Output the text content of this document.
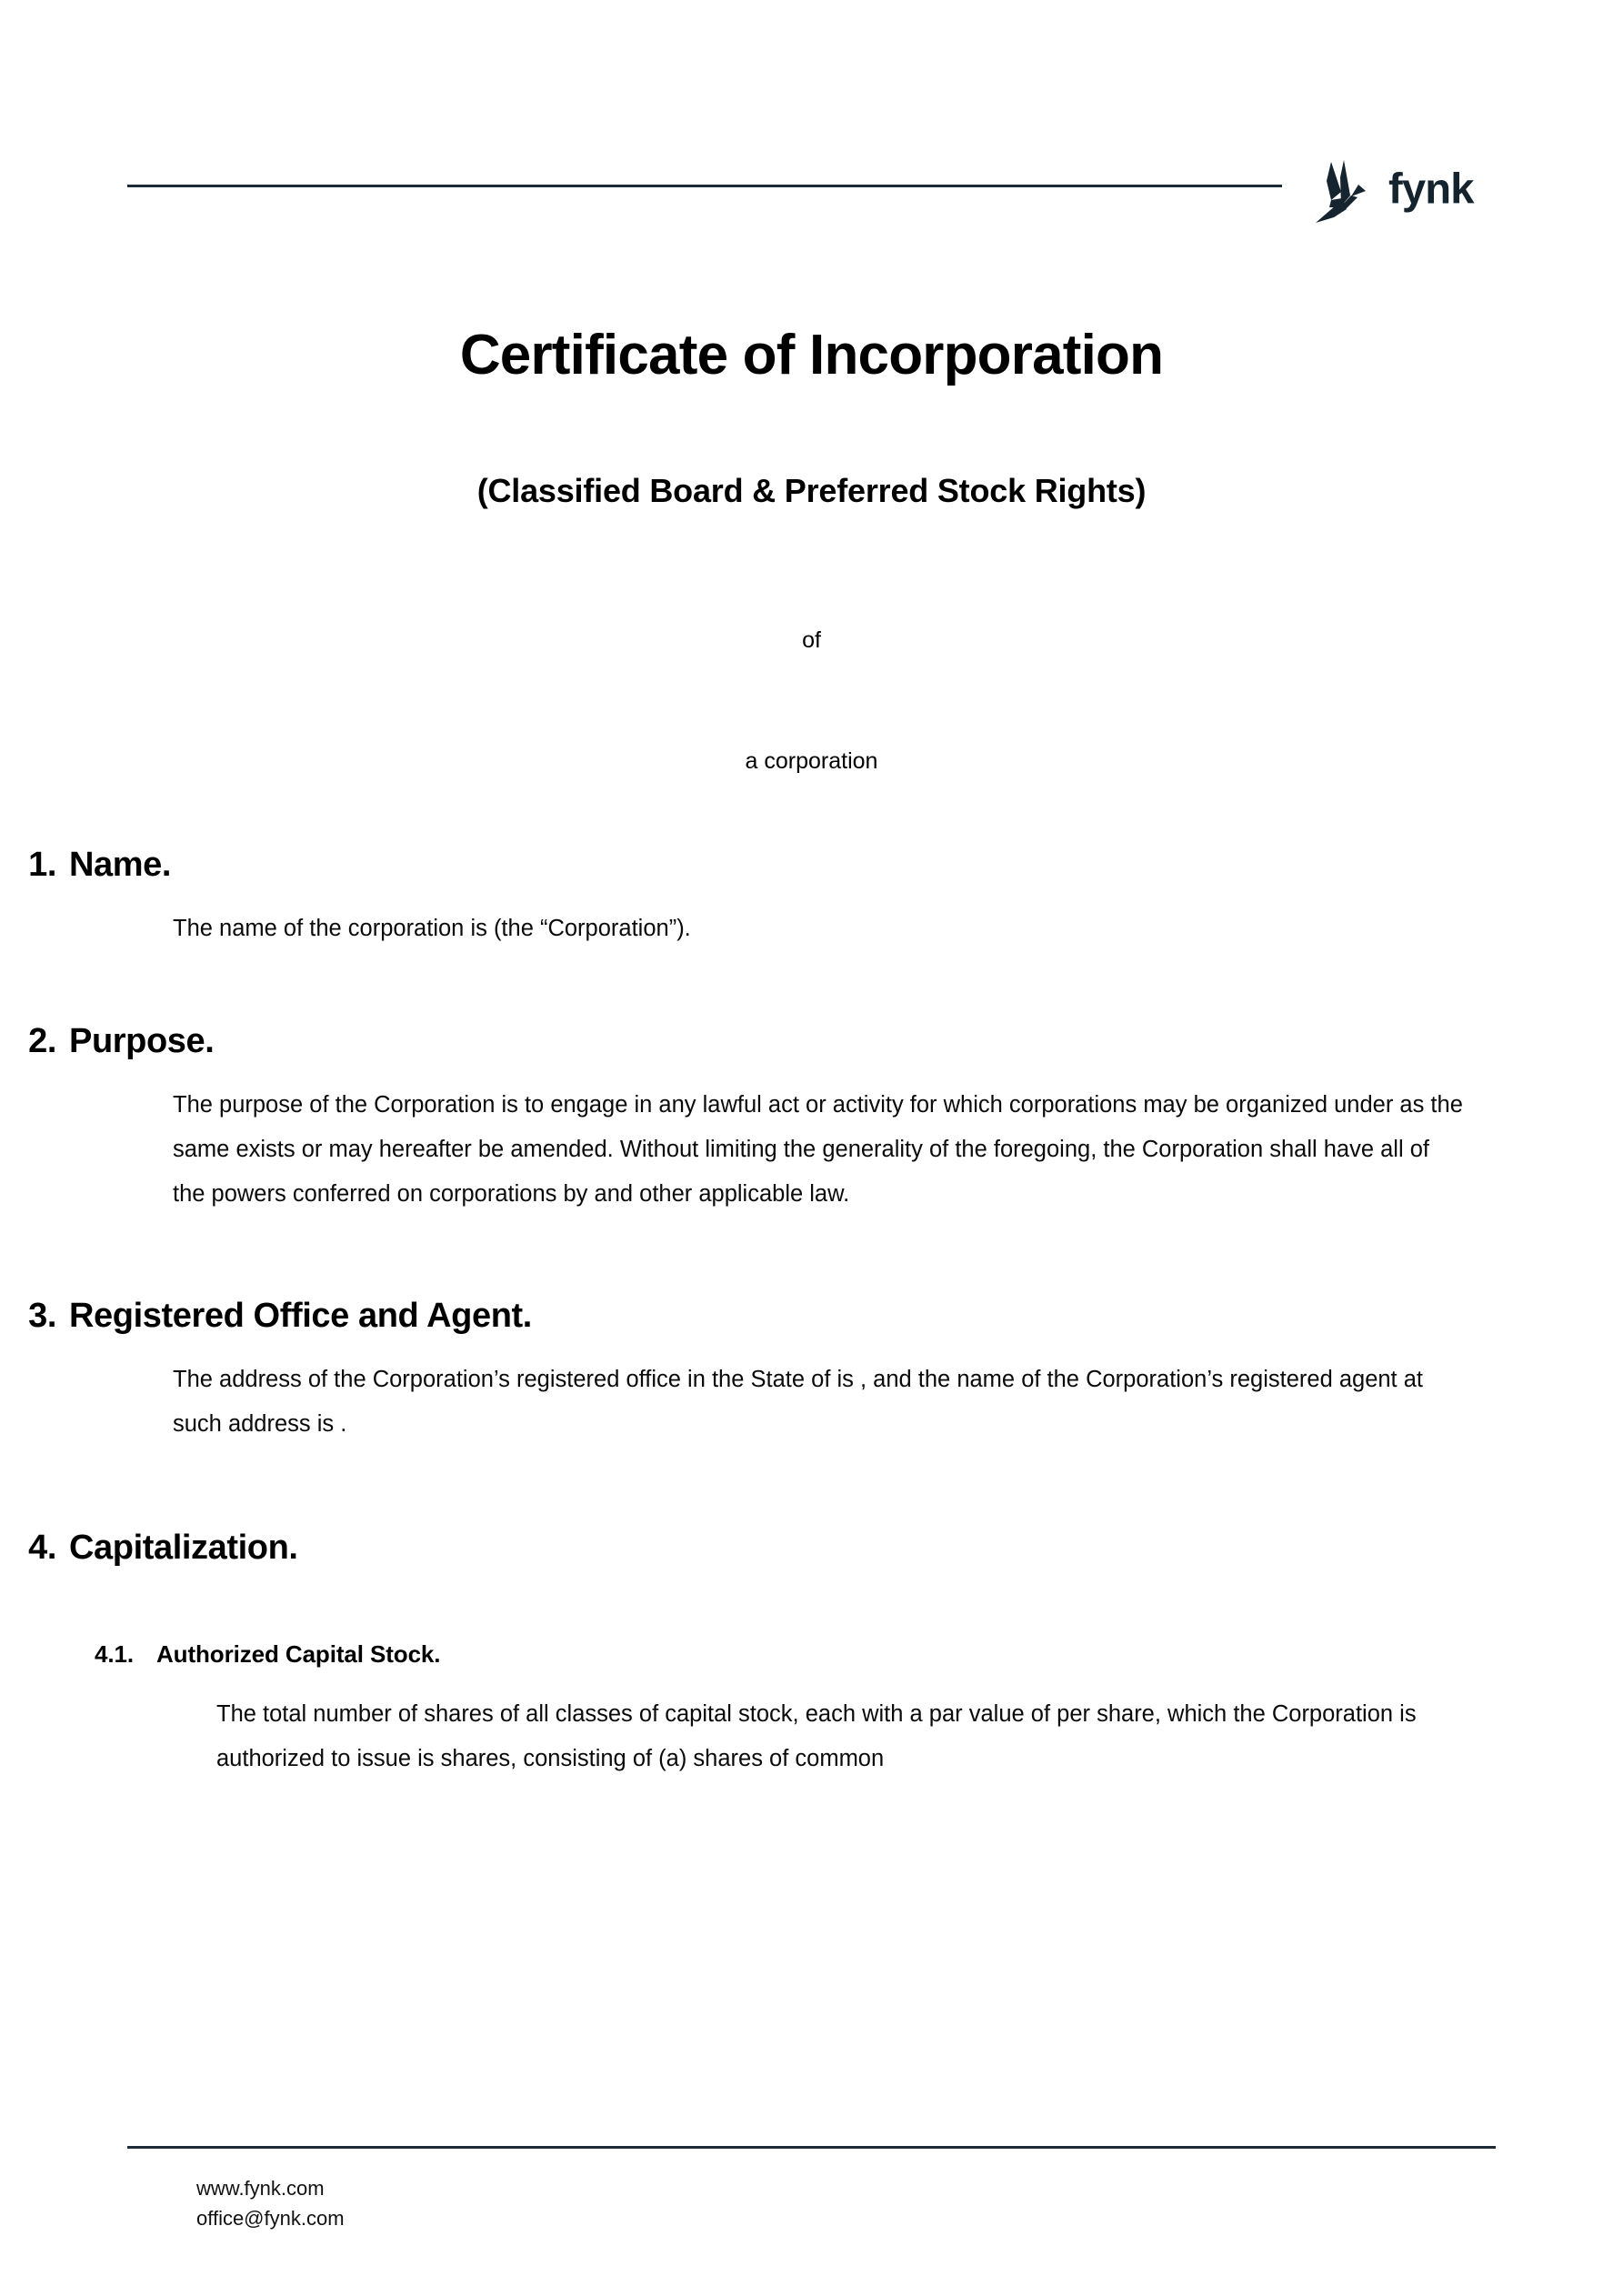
fynk
Certificate of Incorporation
(Classified Board & Preferred Stock Rights)
of
a corporation
1. Name.
The name of the corporation is (the “Corporation”).
2. Purpose.
The purpose of the Corporation is to engage in any lawful act or activity for which corporations may be organized under as the same exists or may hereafter be amended. Without limiting the generality of the foregoing, the Corporation shall have all of the powers conferred on corporations by and other applicable law.
3. Registered Office and Agent.
The address of the Corporation’s registered office in the State of is , and the name of the Corporation’s registered agent at such address is .
4. Capitalization.
4.1. Authorized Capital Stock.
The total number of shares of all classes of capital stock, each with a par value of per share, which the Corporation is authorized to issue is shares, consisting of (a) shares of common
www.fynk.com
office@fynk.com
